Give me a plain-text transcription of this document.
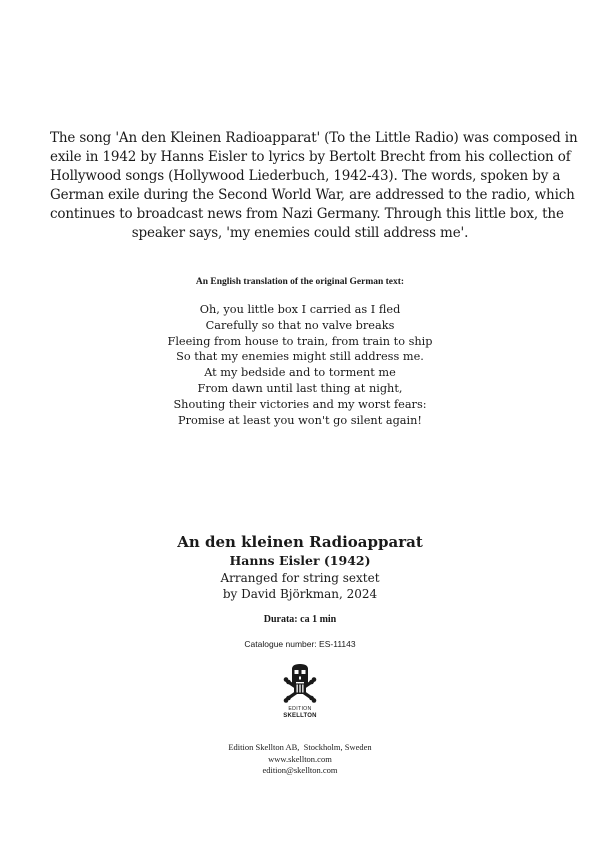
The song 'An den Kleinen Radioapparat' (To the Little Radio) was composed in
exile in 1942 by Hanns Eisler to lyrics by Bertolt Brecht from his collection of
Hollywood songs (Hollywood Liederbuch, 1942-43). The words, spoken by a
German exile during the Second World War, are addressed to the radio, which
continues to broadcast news from Nazi Germany. Through this little box, the
speaker says, 'my enemies could still address me'.
An English translation of the original German text:
Oh, you little box I carried as I fled
Carefully so that no valve breaks
Fleeing from house to train, from train to ship
So that my enemies might still address me.
At my bedside and to torment me
From dawn until last thing at night,
Shouting their victories and my worst fears:
Promise at least you won't go silent again!
An den kleinen Radioapparat
Hanns Eisler (1942)
Arranged for string sextet
by David Björkman, 2024
Durata: ca 1 min
Catalogue number: ES-11143
EDITION
SKELLTON
Edition Skellton AB,  Stockholm, Sweden
www.skellton.com
edition@skellton.com
